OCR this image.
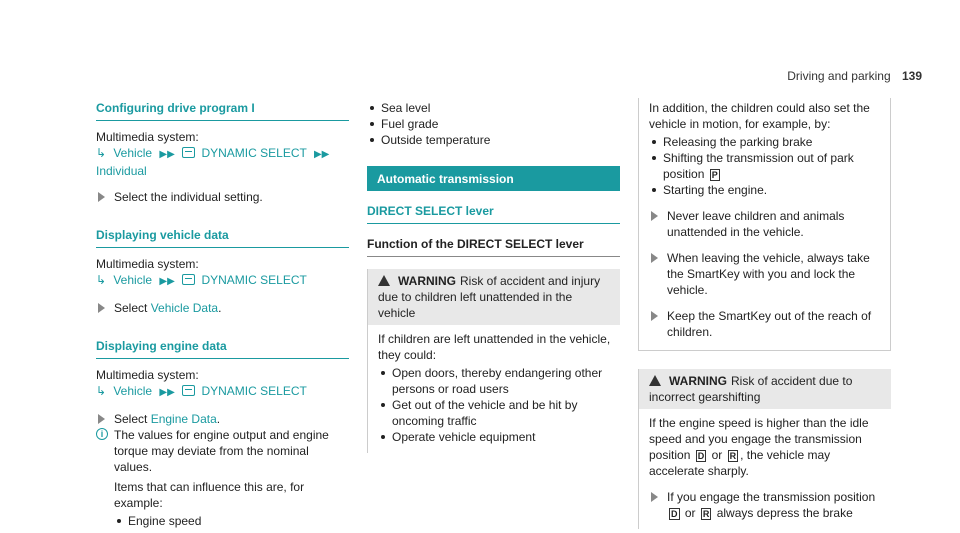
Driving and parking 139
Configuring drive program I
Multimedia system:
↳ Vehicle ▶▶ DYNAMIC SELECT ▶▶ Individual
Select the individual setting.
Displaying vehicle data
Multimedia system:
↳ Vehicle ▶▶ DYNAMIC SELECT
Select Vehicle Data.
Displaying engine data
Multimedia system:
↳ Vehicle ▶▶ DYNAMIC SELECT
Select Engine Data.
i The values for engine output and engine torque may deviate from the nominal values.
Items that can influence this are, for example:
Engine speed
Sea level
Fuel grade
Outside temperature
Automatic transmission
DIRECT SELECT lever
Function of the DIRECT SELECT lever
WARNING Risk of accident and injury due to children left unattended in the vehicle
If children are left unattended in the vehicle, they could:
Open doors, thereby endangering other persons or road users
Get out of the vehicle and be hit by oncoming traffic
Operate vehicle equipment
In addition, the children could also set the vehicle in motion, for example, by:
Releasing the parking brake
Shifting the transmission out of park position P
Starting the engine.
Never leave children and animals unattended in the vehicle.
When leaving the vehicle, always take the SmartKey with you and lock the vehicle.
Keep the SmartKey out of the reach of children.
WARNING Risk of accident due to incorrect gearshifting
If the engine speed is higher than the idle speed and you engage the transmission position D or R , the vehicle may accelerate sharply.
If you engage the transmission position D or R always depress the brake
